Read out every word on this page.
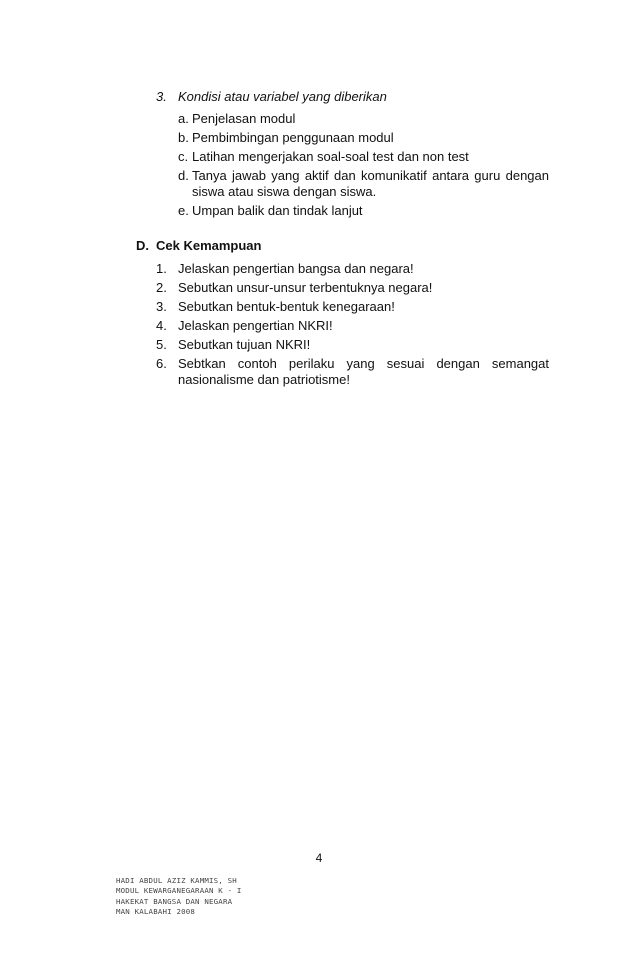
3. Kondisi atau variabel yang diberikan
a. Penjelasan modul
b. Pembimbingan penggunaan modul
c. Latihan mengerjakan soal-soal test dan non test
d. Tanya jawab yang aktif dan komunikatif antara guru dengan
siswa atau siswa dengan siswa.
e. Umpan balik dan tindak lanjut
D. Cek Kemampuan
1. Jelaskan pengertian bangsa dan negara!
2. Sebutkan unsur-unsur terbentuknya negara!
3. Sebutkan bentuk-bentuk kenegaraan!
4. Jelaskan pengertian NKRI!
5. Sebutkan tujuan NKRI!
6. Sebtkan contoh perilaku yang sesuai dengan semangat
nasionalisme dan patriotisme!
4
HADI ABDUL AZIZ KAMMIS, SH
MODUL KEWARGANEGARAAN K - I
HAKEKAT BANGSA DAN NEGARA
MAN KALABAHI 2008
